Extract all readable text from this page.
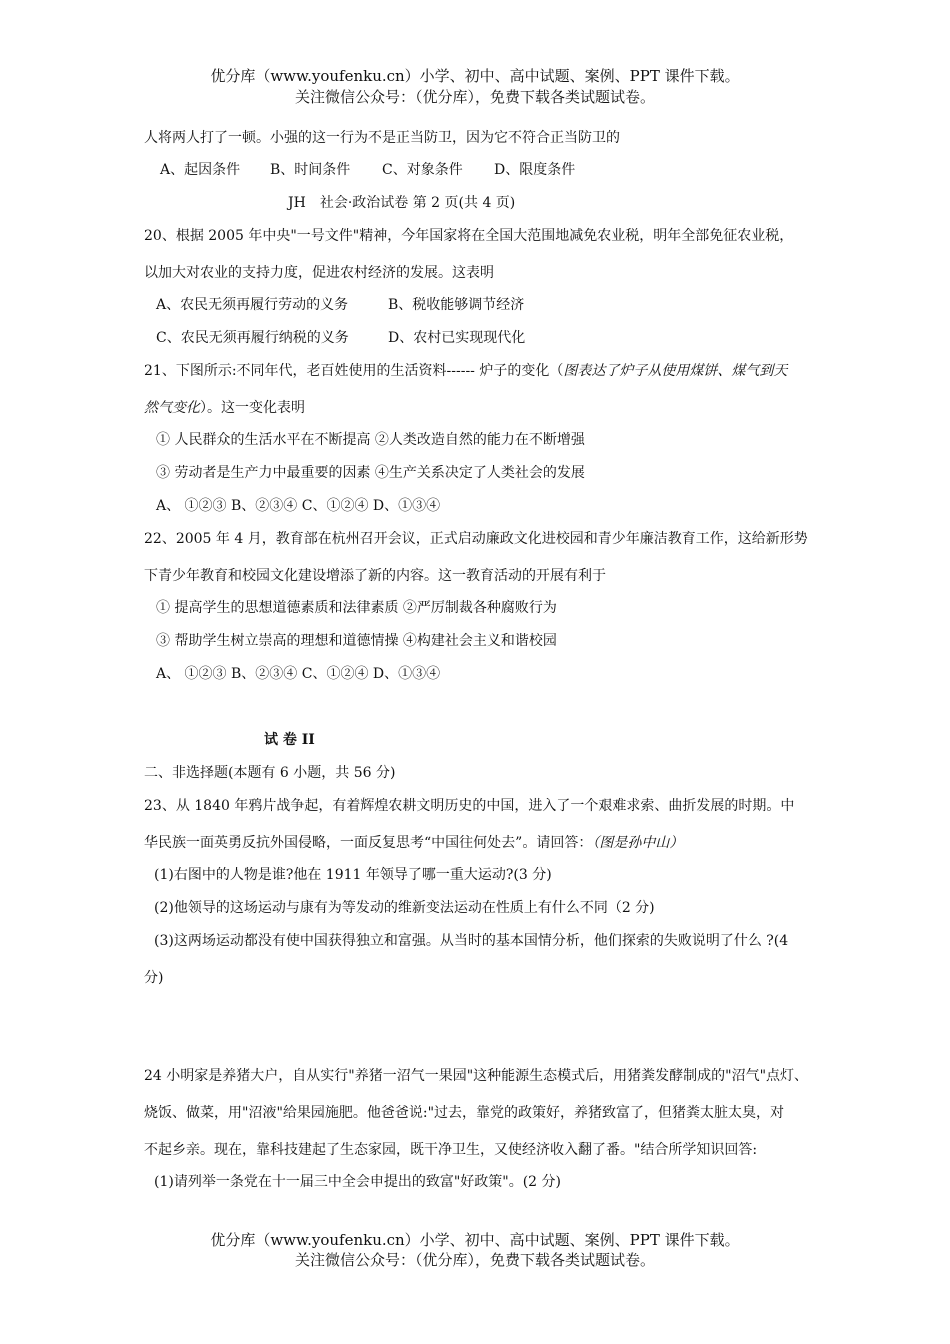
优分库（www.youfenku.cn）小学、初中、高中试题、案例、PPT 课件下载。
关注微信公众号：（优分库），免费下载各类试题试卷。
人将两人打了一顿。小强的这一行为不是正当防卫，因为它不符合正当防卫的
A、起因条件 B、时间条件 C、对象条件 D、限度条件
JH　社会·政治试卷 第 2 页(共 4 页)
20、根据 2005 年中央"一号文件"精神，今年国家将在全国大范围地减免农业税，明年全部免征农业税，
以加大对农业的支持力度，促进农村经济的发展。这表明
A、农民无须再履行劳动的义务	B、税收能够调节经济
C、农民无须再履行纳税的义务	D、农村已实现现代化
21、下图所示:不同年代，老百姓使用的生活资料------ 炉子的变化（图表达了炉子从使用煤饼、煤气到天
然气变化）。这一变化表明
① 人民群众的生活水平在不断提高 ②人类改造自然的能力在不断增强
③ 劳动者是生产力中最重要的因素 ④生产关系决定了人类社会的发展
A、 ①②③ B、②③④ C、①②④ D、①③④
22、2005 年 4 月，教育部在杭州召开会议，正式启动廉政文化进校园和青少年廉洁教育工作，这给新形势
下青少年教育和校园文化建设增添了新的内容。这一教育活动的开展有利于
① 提高学生的思想道德素质和法律素质 ②严厉制裁各种腐败行为
③ 帮助学生树立崇高的理想和道德情操 ④构建社会主义和谐校园
A、 ①②③ B、②③④ C、①②④ D、①③④
试 卷 II
二、非选择题(本题有 6 小题，共 56 分)
23、从 1840 年鸦片战争起，有着辉煌农耕文明历史的中国，进入了一个艰难求索、曲折发展的时期。中
华民族一面英勇反抗外国侵略，一面反复思考“中国往何处去”。请回答：（图是孙中山）
(1)右图中的人物是谁?他在 1911 年领导了哪一重大运动?(3 分)
(2)他领导的这场运动与康有为等发动的维新变法运动在性质上有什么不同（2 分)
(3)这两场运动都没有使中国获得独立和富强。从当时的基本国情分析，他们探索的失败说明了什么 ?(4
分)
24 小明家是养猪大户，自从实行"养猪一沼气一果园"这种能源生态模式后，用猪粪发酵制成的"沼气"点灯、
烧饭、做菜，用"沼液"给果园施肥。他爸爸说:"过去，靠党的政策好，养猪致富了，但猪粪太脏太臭，对
不起乡亲。现在，靠科技建起了生态家园，既干净卫生，又使经济收入翻了番。"结合所学知识回答:
(1)请列举一条党在十一届三中全会申提出的致富"好政策"。(2 分)
优分库（www.youfenku.cn）小学、初中、高中试题、案例、PPT 课件下载。
关注微信公众号：（优分库），免费下载各类试题试卷。
